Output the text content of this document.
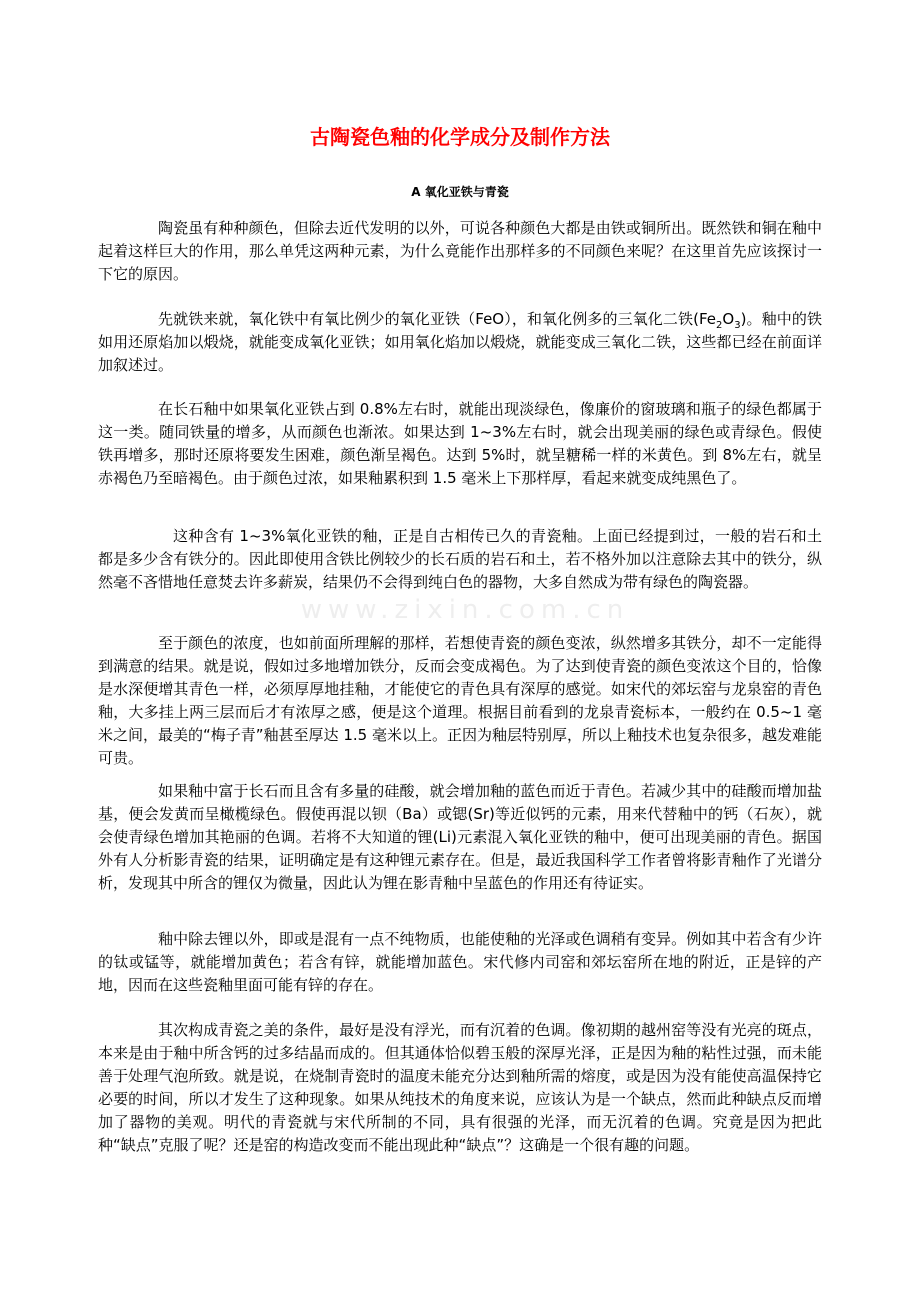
www.zixin.com.cn
古陶瓷色釉的化学成分及制作方法

A 氧化亚铁与青瓷

陶瓷虽有种种颜色，但除去近代发明的以外，可说各种颜色大都是由铁或铜所出。既然铁和铜在釉中起着这样巨大的作用，那么单凭这两种元素，为什么竟能作出那样多的不同颜色来呢？在这里首先应该探讨一下它的原因。

先就铁来就，氧化铁中有氧比例少的氧化亚铁（FeO），和氧化例多的三氧化二铁$(Fe_2O_3)$。釉中的铁如用还原焰加以煅烧，就能变成氧化亚铁；如用氧化焰加以煅烧，就能变成三氧化二铁，这些都已经在前面详加叙述过。

在长石釉中如果氧化亚铁占到 0.8%左右时，就能出现淡绿色，像廉价的窗玻璃和瓶子的绿色都属于这一类。随同铁量的增多，从而颜色也渐浓。如果达到 1~3%左右时，就会出现美丽的绿色或青绿色。假使铁再增多，那时还原将要发生困难，颜色渐呈褐色。达到 5%时，就呈糖稀一样的米黄色。到 8%左右，就呈赤褐色乃至暗褐色。由于颜色过浓，如果釉累积到 1.5 毫米上下那样厚，看起来就变成纯黑色了。

这种含有 1~3%氧化亚铁的釉，正是自古相传已久的青瓷釉。上面已经提到过，一般的岩石和土都是多少含有铁分的。因此即使用含铁比例较少的长石质的岩石和土，若不格外加以注意除去其中的铁分，纵然毫不吝惜地任意焚去许多薪炭，结果仍不会得到纯白色的器物，大多自然成为带有绿色的陶瓷器。

至于颜色的浓度，也如前面所理解的那样，若想使青瓷的颜色变浓，纵然增多其铁分，却不一定能得到满意的结果。就是说，假如过多地增加铁分，反而会变成褐色。为了达到使青瓷的颜色变浓这个目的，恰像是水深便增其青色一样，必须厚厚地挂釉，才能使它的青色具有深厚的感觉。如宋代的郊坛窑与龙泉窑的青色釉，大多挂上两三层而后才有浓厚之感，便是这个道理。根据目前看到的龙泉青瓷标本，一般约在 0.5~1 毫米之间，最美的“梅子青”釉甚至厚达 1.5 毫米以上。正因为釉层特别厚，所以上釉技术也复杂很多，越发难能可贵。

如果釉中富于长石而且含有多量的硅酸，就会增加釉的蓝色而近于青色。若减少其中的硅酸而增加盐基，便会发黄而呈橄榄绿色。假使再混以钡（Ba）或锶(Sr)等近似钙的元素，用来代替釉中的钙（石灰），就会使青绿色增加其艳丽的色调。若将不大知道的锂(Li)元素混入氧化亚铁的釉中，便可出现美丽的青色。据国外有人分析影青瓷的结果，证明确定是有这种锂元素存在。但是，最近我国科学工作者曾将影青釉作了光谱分析，发现其中所含的锂仅为微量，因此认为锂在影青釉中呈蓝色的作用还有待证实。

釉中除去锂以外，即或是混有一点不纯物质，也能使釉的光泽或色调稍有变异。例如其中若含有少许的钛或锰等，就能增加黄色；若含有锌，就能增加蓝色。宋代修内司窑和郊坛窑所在地的附近，正是锌的产地，因而在这些瓷釉里面可能有锌的存在。

其次构成青瓷之美的条件，最好是没有浮光，而有沉着的色调。像初期的越州窑等没有光亮的斑点，本来是由于釉中所含钙的过多结晶而成的。但其通体恰似碧玉般的深厚光泽，正是因为釉的粘性过强，而未能善于处理气泡所致。就是说，在烧制青瓷时的温度未能充分达到釉所需的熔度，或是因为没有能使高温保持它必要的时间，所以才发生了这种现象。如果从纯技术的角度来说，应该认为是一个缺点，然而此种缺点反而增加了器物的美观。明代的青瓷就与宋代所制的不同，具有很强的光泽，而无沉着的色调。究竟是因为把此种“缺点”克服了呢？还是窑的构造改变而不能出现此种“缺点”？这确是一个很有趣的问题。
